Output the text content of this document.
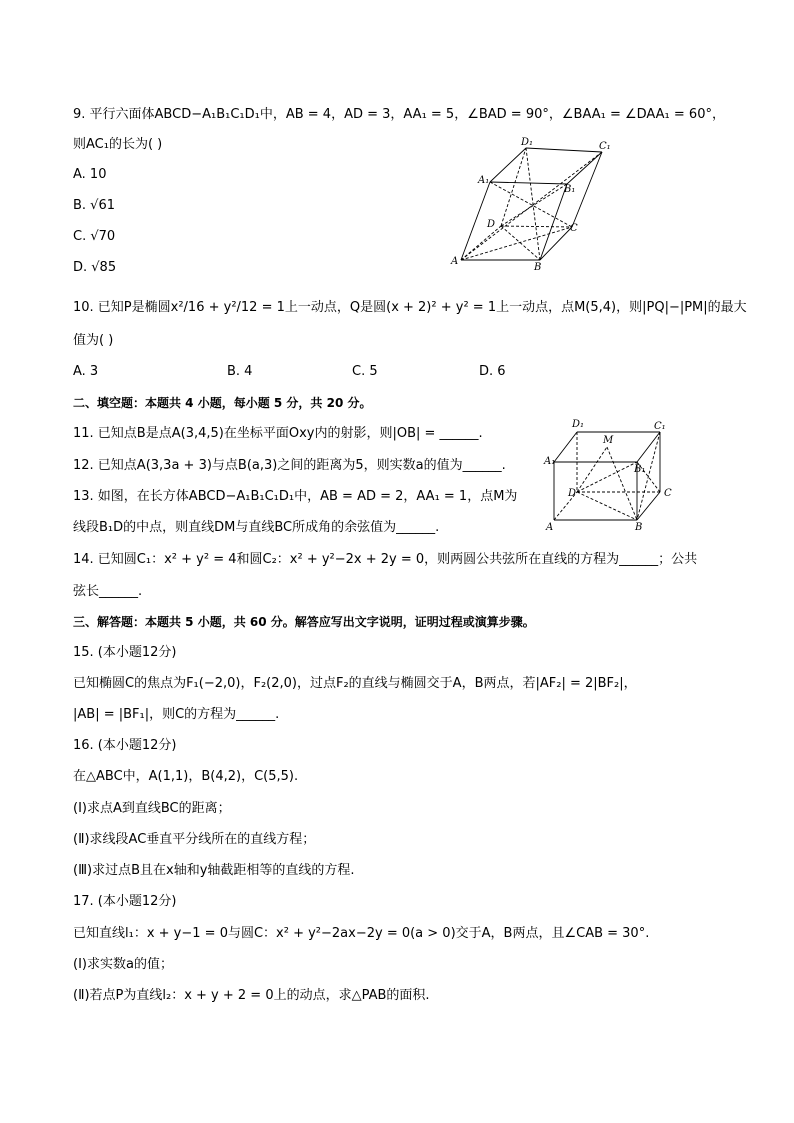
9. 平行六面体ABCD−A₁B₁C₁D₁中，AB = 4，AD = 3，AA₁ = 5，∠BAD = 90°，∠BAA₁ = ∠DAA₁ = 60°，
则AC₁的长为( )
A. 10
B. √61
C. √70
D. √85
D₁	C₁
A₁
B₁
D	C
A
B
10. 已知P是椭圆x²/16 + y²/12 = 1上一动点，Q是圆(x + 2)² + y² = 1上一动点，点M(5,4)，则|PQ|−|PM|的最大
值为( )
A. 3	B. 4	C. 5	D. 6
二、填空题：本题共 4 小题，每小题 5 分，共 20 分。
11. 已知点B是点A(3,4,5)在坐标平面Oxy内的射影，则|OB| = ______.
12. 已知点A(3,3a + 3)与点B(a,3)之间的距离为5，则实数a的值为______.
13. 如图，在长方体ABCD−A₁B₁C₁D₁中，AB = AD = 2，AA₁ = 1，点M为
线段B₁D的中点，则直线DM与直线BC所成角的余弦值为______.
D₁
M
C₁
A₁
B₁
D	C
A	B
14. 已知圆C₁：x² + y² = 4和圆C₂：x² + y²−2x + 2y = 0，则两圆公共弦所在直线的方程为______；公共
弦长______.
三、解答题：本题共 5 小题，共 60 分。解答应写出文字说明，证明过程或演算步骤。
15. (本小题12分)
已知椭圆C的焦点为F₁(−2,0)，F₂(2,0)，过点F₂的直线与椭圆交于A，B两点，若|AF₂| = 2|BF₂|，
|AB| = |BF₁|，则C的方程为______.
16. (本小题12分)
在△ABC中，A(1,1)，B(4,2)，C(5,5).
(Ⅰ)求点A到直线BC的距离；
(Ⅱ)求线段AC垂直平分线所在的直线方程；
(Ⅲ)求过点B且在x轴和y轴截距相等的直线的方程.
17. (本小题12分)
已知直线l₁：x + y−1 = 0与圆C：x² + y²−2ax−2y = 0(a > 0)交于A，B两点，且∠CAB = 30°.
(Ⅰ)求实数a的值；
(Ⅱ)若点P为直线l₂：x + y + 2 = 0上的动点，求△PAB的面积.
